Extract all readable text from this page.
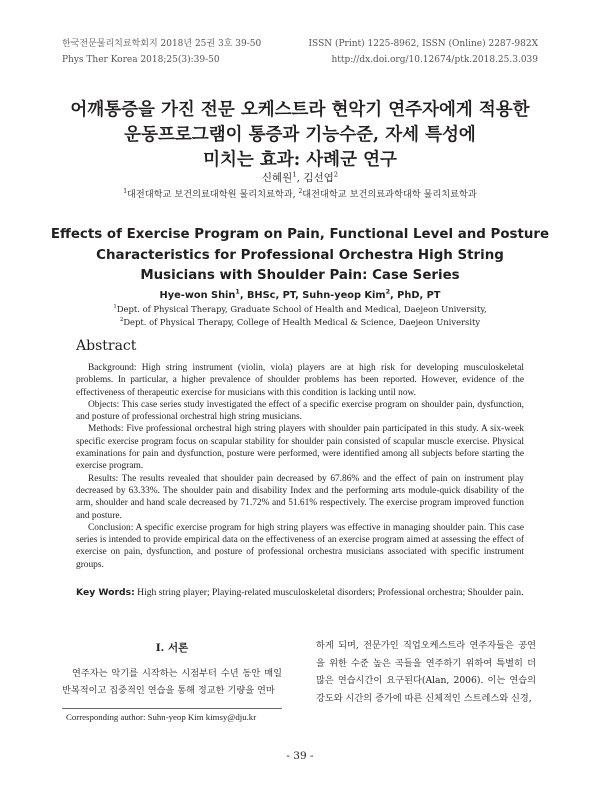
한국전문물리치료학회지 2018년 25권 3호 39-50
Phys Ther Korea 2018;25(3):39-50
ISSN (Print) 1225-8962, ISSN (Online) 2287-982X
http://dx.doi.org/10.12674/ptk.2018.25.3.039
어깨통증을 가진 전문 오케스트라 현악기 연주자에게 적용한
운동프로그램이 통증과 기능수준, 자세 특성에
미치는 효과: 사례군 연구
신혜원$^1$, 김선엽$^2$
$^1$대전대학교 보건의료대학원 물리치료학과, $^2$대전대학교 보건의료과학대학 물리치료학과
Effects of Exercise Program on Pain, Functional Level and Posture
Characteristics for Professional Orchestra High String
Musicians with Shoulder Pain: Case Series
Hye-won Shin$^1$, BHSc, PT, Suhn-yeop Kim$^2$, PhD, PT
$^1$Dept. of Physical Therapy, Graduate School of Health and Medical, Daejeon University,
$^2$Dept. of Physical Therapy, College of Health Medical & Science, Daejeon University
Abstract

Background: High string instrument (violin, viola) players are at high risk for developing musculoskeletal problems. In particular, a higher prevalence of shoulder problems has been reported. However, evidence of the effectiveness of therapeutic exercise for musicians with this condition is lacking until now.

Objects: This case series study investigated the effect of a specific exercise program on shoulder pain, dysfunction, and posture of professional orchestral high string musicians.

Methods: Five professional orchestral high string players with shoulder pain participated in this study. A six-week specific exercise program focus on scapular stability for shoulder pain consisted of scapular muscle exercise. Physical examinations for pain and dysfunction, posture were performed, were identified among all subjects before starting the exercise program.

Results: The results revealed that shoulder pain decreased by 67.86% and the effect of pain on instrument play decreased by 63.33%. The shoulder pain and disability Index and the performing arts module-quick disability of the arm, shoulder and hand scale decreased by 71.72% and 51.61% respectively. The exercise program improved function and posture.

Conclusion: A specific exercise program for high string players was effective in managing shoulder pain. This case series is intended to provide empirical data on the effectiveness of an exercise program aimed at assessing the effect of exercise on pain, dysfunction, and posture of professional orchestra musicians associated with specific instrument groups.

Key Words: High string player; Playing-related musculoskeletal disorders; Professional orchestra; Shoulder pain.
Ⅰ. 서론

연주자는 악기를 시작하는 시점부터 수년 동안 매일 반복적이고 집중적인 연습을 통해 정교한 기량을 연마

하게 되며, 전문가인 직업오케스트라 연주자들은 공연을 위한 수준 높은 곡들을 연주하기 위하여 특별히 더 많은 연습시간이 요구된다(Alan, 2006). 이는 연습의 강도와 시간의 증가에 따른 신체적인 스트레스와 신경,

Corresponding author: Suhn-yeop Kim kimsy@dju.kr
- 39 -
